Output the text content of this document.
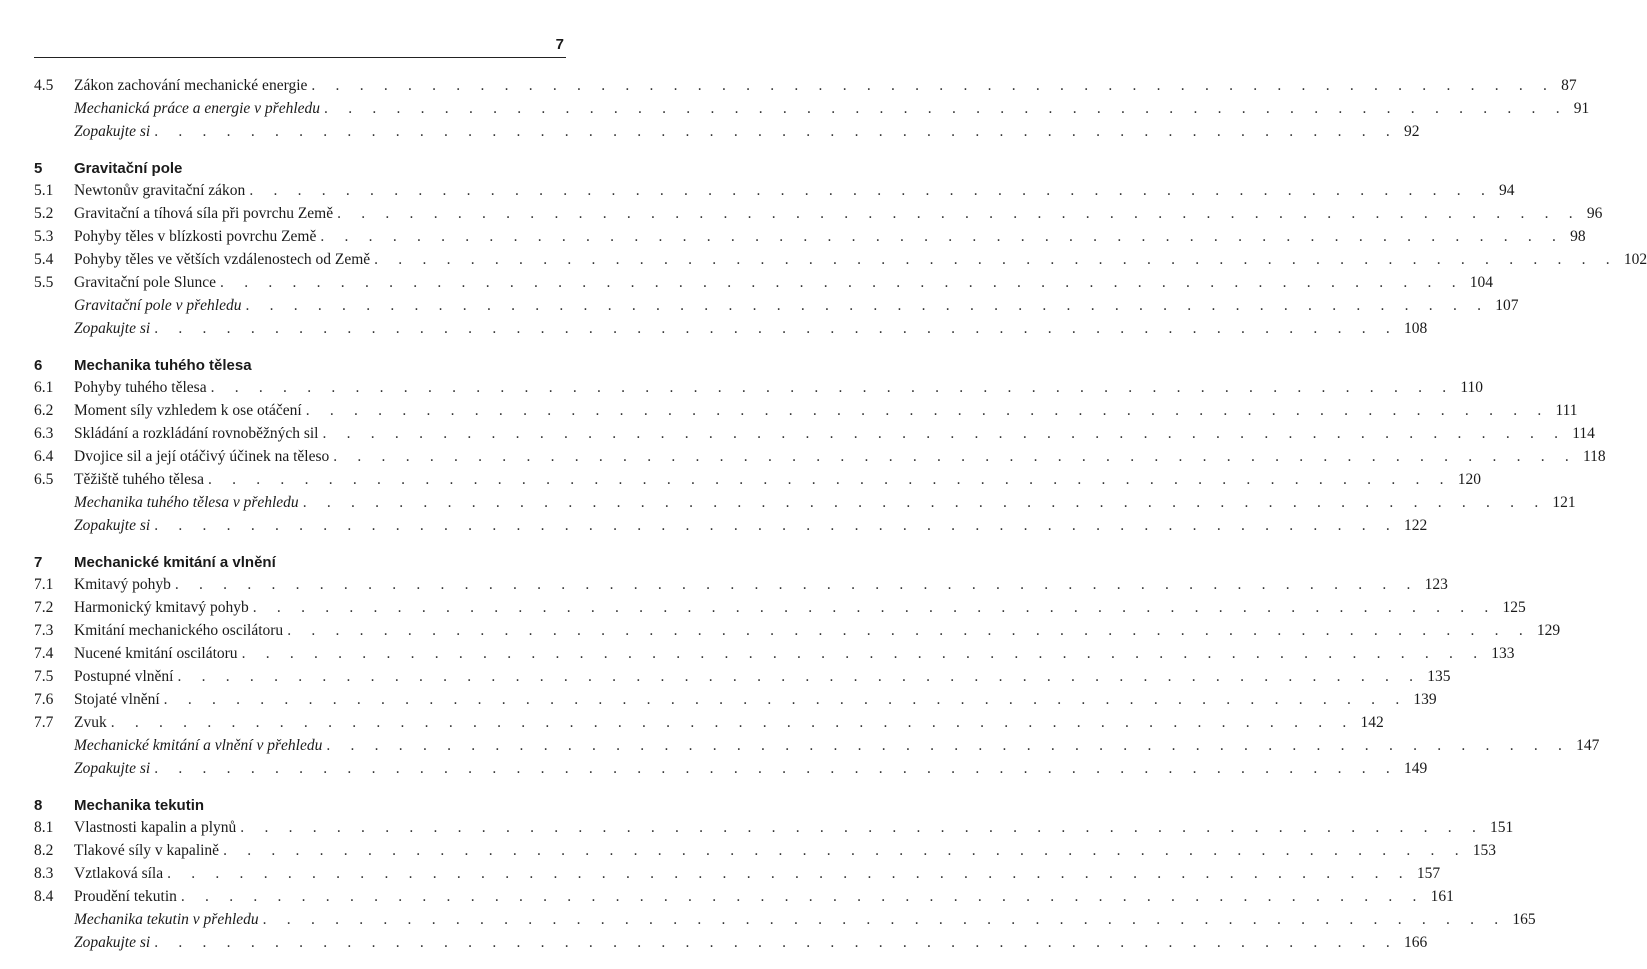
7
4.5	Zákon zachování mechanické energie . . . . . . . . . . . . . . . . . . . . . . . . . . . . . . . . . . . . . . . . . . . . . . . . . . . . 87
Mechanická práce a energie v přehledu . . . . . . . . . . . . . . . . . . . . . . . . . . . . . . . . . . . . . . . . . . . . . . . . . . . . 91
Zopakujte si . . . . . . . . . . . . . . . . . . . . . . . . . . . . . . . . . . . . . . . . . . . . . . . . . . . . 92
5	Gravitační pole
5.1	Newtonův gravitační zákon . . . . . . . . . . . . . . . . . . . . . . . . . . . . . . . . . . . . . . . . . . . . . . . . . . . . 94
5.2	Gravitační a tíhová síla při povrchu Země . . . . . . . . . . . . . . . . . . . . . . . . . . . . . . . . . . . . . . . . . . . . . . . . . . . . 96
5.3	Pohyby těles v blízkosti povrchu Země . . . . . . . . . . . . . . . . . . . . . . . . . . . . . . . . . . . . . . . . . . . . . . . . . . . . 98
5.4	Pohyby těles ve větších vzdálenostech od Země . . . . . . . . . . . . . . . . . . . . . . . . . . . . . . . . . . . . . . . . . . . . . . . . . . . . 102
5.5	Gravitační pole Slunce . . . . . . . . . . . . . . . . . . . . . . . . . . . . . . . . . . . . . . . . . . . . . . . . . . . . 104
Gravitační pole v přehledu . . . . . . . . . . . . . . . . . . . . . . . . . . . . . . . . . . . . . . . . . . . . . . . . . . . . 107
Zopakujte si . . . . . . . . . . . . . . . . . . . . . . . . . . . . . . . . . . . . . . . . . . . . . . . . . . . . 108
6	Mechanika tuhého tělesa
6.1	Pohyby tuhého tělesa . . . . . . . . . . . . . . . . . . . . . . . . . . . . . . . . . . . . . . . . . . . . . . . . . . . . 110
6.2	Moment síly vzhledem k ose otáčení . . . . . . . . . . . . . . . . . . . . . . . . . . . . . . . . . . . . . . . . . . . . . . . . . . . . 111
6.3	Skládání a rozkládání rovnoběžných sil . . . . . . . . . . . . . . . . . . . . . . . . . . . . . . . . . . . . . . . . . . . . . . . . . . . . 114
6.4	Dvojice sil a její otáčivý účinek na těleso . . . . . . . . . . . . . . . . . . . . . . . . . . . . . . . . . . . . . . . . . . . . . . . . . . . . 118
6.5	Těžiště tuhého tělesa . . . . . . . . . . . . . . . . . . . . . . . . . . . . . . . . . . . . . . . . . . . . . . . . . . . . 120
Mechanika tuhého tělesa v přehledu . . . . . . . . . . . . . . . . . . . . . . . . . . . . . . . . . . . . . . . . . . . . . . . . . . . . 121
Zopakujte si . . . . . . . . . . . . . . . . . . . . . . . . . . . . . . . . . . . . . . . . . . . . . . . . . . . . 122
7	Mechanické kmitání a vlnění
7.1	Kmitavý pohyb . . . . . . . . . . . . . . . . . . . . . . . . . . . . . . . . . . . . . . . . . . . . . . . . . . . . 123
7.2	Harmonický kmitavý pohyb . . . . . . . . . . . . . . . . . . . . . . . . . . . . . . . . . . . . . . . . . . . . . . . . . . . . 125
7.3	Kmitání mechanického oscilátoru . . . . . . . . . . . . . . . . . . . . . . . . . . . . . . . . . . . . . . . . . . . . . . . . . . . . 129
7.4	Nucené kmitání oscilátoru . . . . . . . . . . . . . . . . . . . . . . . . . . . . . . . . . . . . . . . . . . . . . . . . . . . . 133
7.5	Postupné vlnění . . . . . . . . . . . . . . . . . . . . . . . . . . . . . . . . . . . . . . . . . . . . . . . . . . . . 135
7.6	Stojaté vlnění . . . . . . . . . . . . . . . . . . . . . . . . . . . . . . . . . . . . . . . . . . . . . . . . . . . . 139
7.7	Zvuk . . . . . . . . . . . . . . . . . . . . . . . . . . . . . . . . . . . . . . . . . . . . . . . . . . . . 142
Mechanické kmitání a vlnění v přehledu . . . . . . . . . . . . . . . . . . . . . . . . . . . . . . . . . . . . . . . . . . . . . . . . . . . . 147
Zopakujte si . . . . . . . . . . . . . . . . . . . . . . . . . . . . . . . . . . . . . . . . . . . . . . . . . . . . 149
8	Mechanika tekutin
8.1	Vlastnosti kapalin a plynů . . . . . . . . . . . . . . . . . . . . . . . . . . . . . . . . . . . . . . . . . . . . . . . . . . . . 151
8.2	Tlakové síly v kapalině . . . . . . . . . . . . . . . . . . . . . . . . . . . . . . . . . . . . . . . . . . . . . . . . . . . . 153
8.3	Vztlaková síla . . . . . . . . . . . . . . . . . . . . . . . . . . . . . . . . . . . . . . . . . . . . . . . . . . . . 157
8.4	Proudění tekutin . . . . . . . . . . . . . . . . . . . . . . . . . . . . . . . . . . . . . . . . . . . . . . . . . . . . 161
Mechanika tekutin v přehledu . . . . . . . . . . . . . . . . . . . . . . . . . . . . . . . . . . . . . . . . . . . . . . . . . . . . 165
Zopakujte si . . . . . . . . . . . . . . . . . . . . . . . . . . . . . . . . . . . . . . . . . . . . . . . . . . . . 166
